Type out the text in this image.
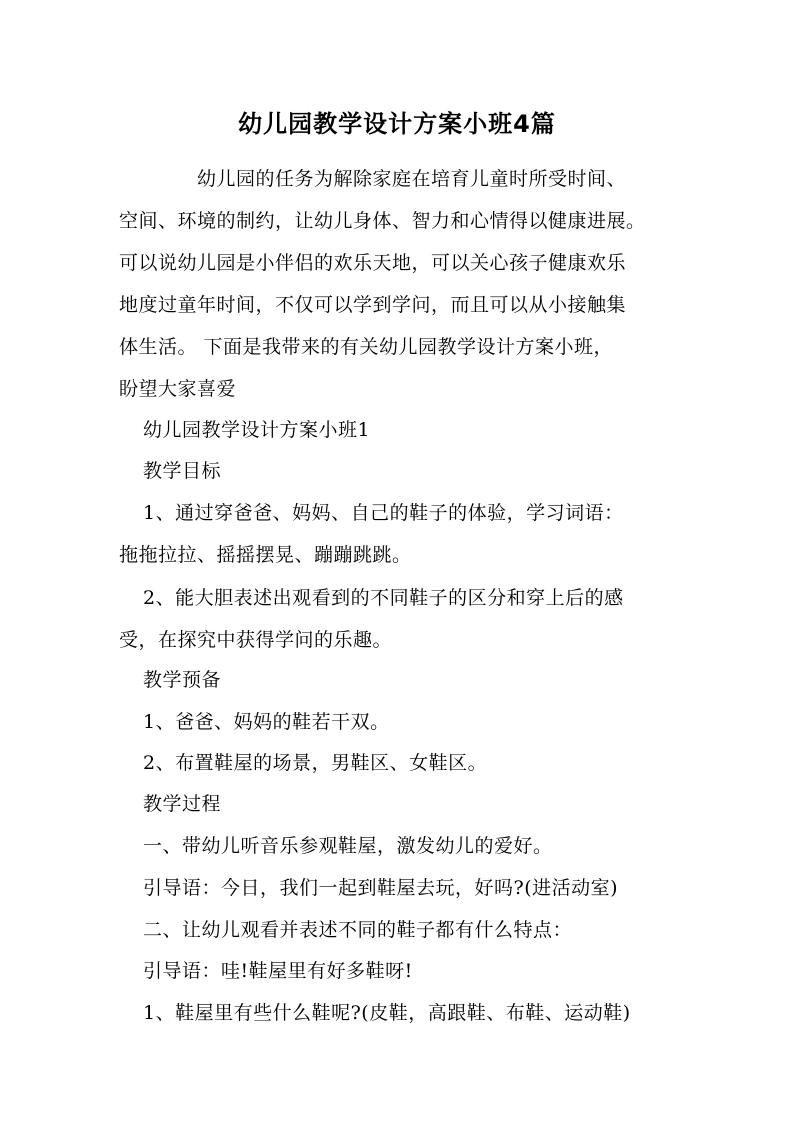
幼儿园教学设计方案小班4篇
幼儿园的任务为解除家庭在培育儿童时所受时间、
空间、环境的制约，让幼儿身体、智力和心情得以健康进展。
可以说幼儿园是小伴侣的欢乐天地，可以关心孩子健康欢乐
地度过童年时间，不仅可以学到学问，而且可以从小接触集
体生活。 下面是我带来的有关幼儿园教学设计方案小班，
盼望大家喜爱
幼儿园教学设计方案小班1
教学目标
1、通过穿爸爸、妈妈、自己的鞋子的体验，学习词语：
拖拖拉拉、摇摇摆晃、蹦蹦跳跳。
2、能大胆表述出观看到的不同鞋子的区分和穿上后的感
受，在探究中获得学问的乐趣。
教学预备
1、爸爸、妈妈的鞋若干双。
2、布置鞋屋的场景，男鞋区、女鞋区。
教学过程
一、带幼儿听音乐参观鞋屋，激发幼儿的爱好。
引导语：今日，我们一起到鞋屋去玩，好吗?(进活动室)
二、让幼儿观看并表述不同的鞋子都有什么特点：
引导语：哇!鞋屋里有好多鞋呀!
1、鞋屋里有些什么鞋呢?(皮鞋，高跟鞋、布鞋、运动鞋)
